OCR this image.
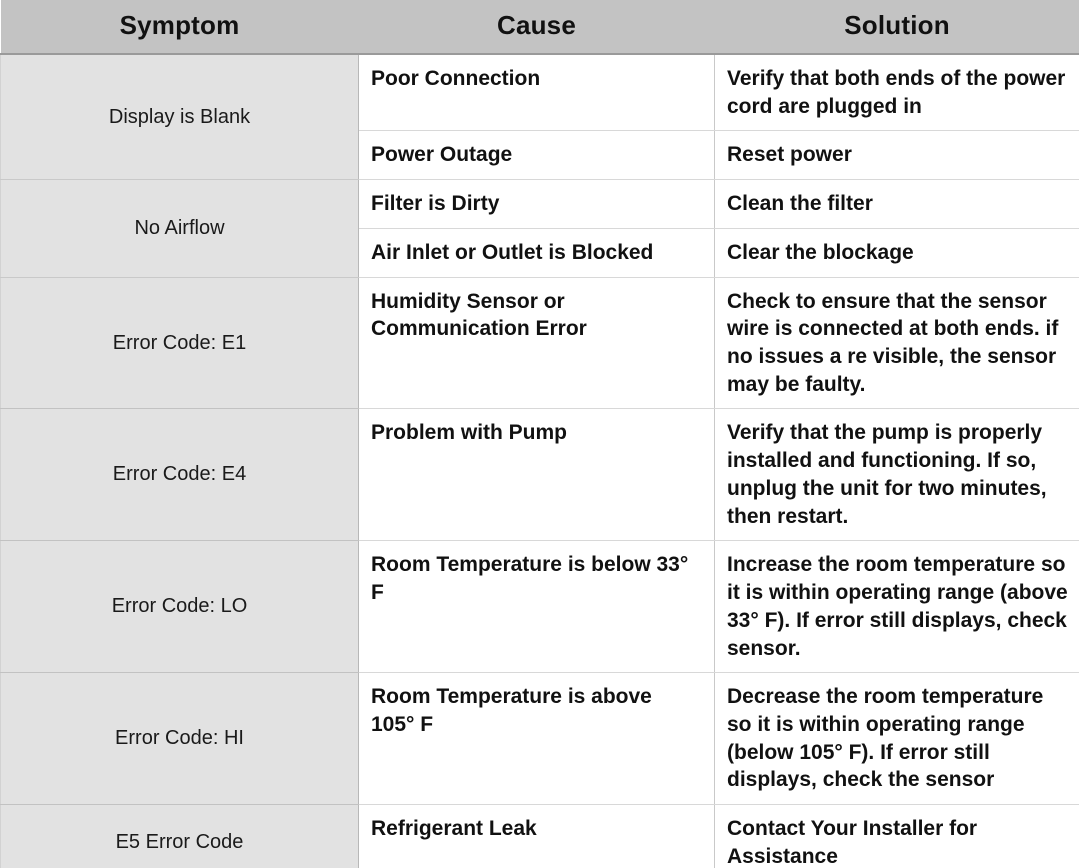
Symptom	Cause	Solution
Display is Blank	Poor Connection	Verify that both ends of the power cord are plugged in
	Power Outage	Reset power
No Airflow	Filter is Dirty	Clean the filter
	Air Inlet or Outlet is Blocked	Clear the blockage
Error Code: E1	Humidity Sensor or Communication Error	Check to ensure that the sensor wire is connected at both ends. if no issues a re visible, the sensor may be faulty.
Error Code: E4	Problem with Pump	Verify that the pump is properly installed and functioning. If so, unplug the unit for two minutes, then restart.
Error Code: LO	Room Temperature is below 33° F	Increase the room temperature so it is within operating range (above 33° F). If error still displays, check sensor.
Error Code: HI	Room Temperature is above 105° F	Decrease the room temperature so it is within operating range (below 105° F). If error still displays, check the sensor
E5 Error Code	Refrigerant Leak	Contact Your Installer for Assistance
